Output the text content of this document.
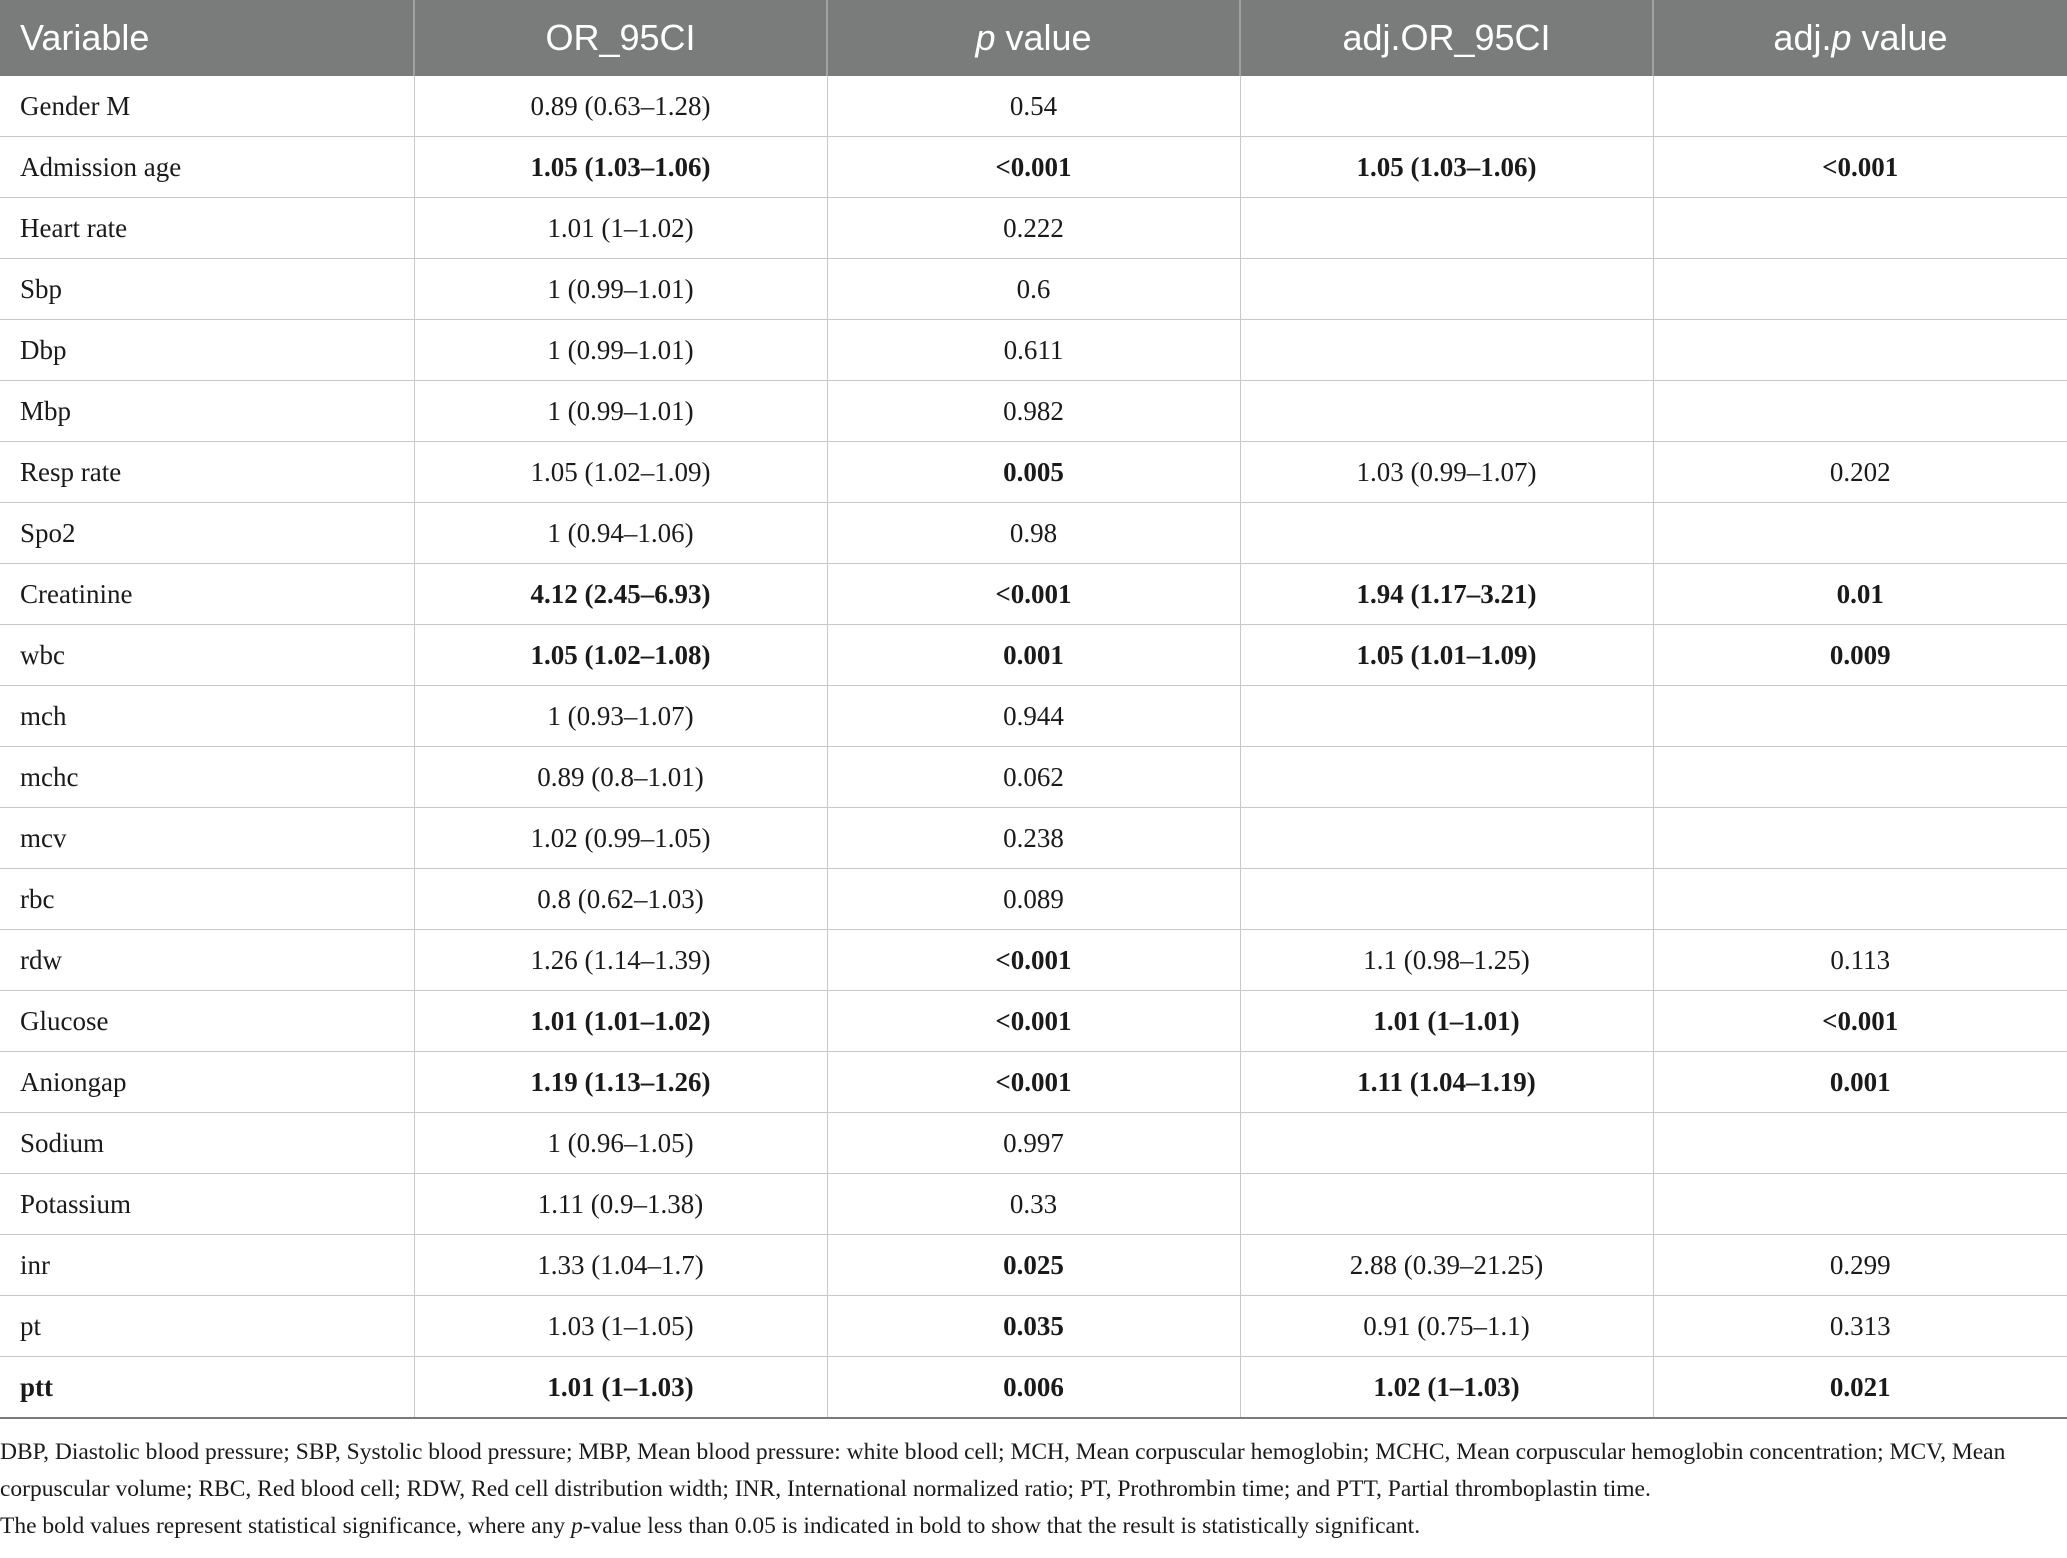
Variable	OR_95CI	p value	adj.OR_95CI	adj.p value
Gender M	0.89 (0.63–1.28)	0.54		
Admission age	1.05 (1.03–1.06)	<0.001	1.05 (1.03–1.06)	<0.001
Heart rate	1.01 (1–1.02)	0.222		
Sbp	1 (0.99–1.01)	0.6		
Dbp	1 (0.99–1.01)	0.611		
Mbp	1 (0.99–1.01)	0.982		
Resp rate	1.05 (1.02–1.09)	0.005	1.03 (0.99–1.07)	0.202
Spo2	1 (0.94–1.06)	0.98		
Creatinine	4.12 (2.45–6.93)	<0.001	1.94 (1.17–3.21)	0.01
wbc	1.05 (1.02–1.08)	0.001	1.05 (1.01–1.09)	0.009
mch	1 (0.93–1.07)	0.944		
mchc	0.89 (0.8–1.01)	0.062		
mcv	1.02 (0.99–1.05)	0.238		
rbc	0.8 (0.62–1.03)	0.089		
rdw	1.26 (1.14–1.39)	<0.001	1.1 (0.98–1.25)	0.113
Glucose	1.01 (1.01–1.02)	<0.001	1.01 (1–1.01)	<0.001
Aniongap	1.19 (1.13–1.26)	<0.001	1.11 (1.04–1.19)	0.001
Sodium	1 (0.96–1.05)	0.997		
Potassium	1.11 (0.9–1.38)	0.33		
inr	1.33 (1.04–1.7)	0.025	2.88 (0.39–21.25)	0.299
pt	1.03 (1–1.05)	0.035	0.91 (0.75–1.1)	0.313
ptt	1.01 (1–1.03)	0.006	1.02 (1–1.03)	0.021

DBP, Diastolic blood pressure; SBP, Systolic blood pressure; MBP, Mean blood pressure: white blood cell; MCH, Mean corpuscular hemoglobin; MCHC, Mean corpuscular hemoglobin concentration; MCV, Mean corpuscular volume; RBC, Red blood cell; RDW, Red cell distribution width; INR, International normalized ratio; PT, Prothrombin time; and PTT, Partial thromboplastin time.

The bold values represent statistical significance, where any p-value less than 0.05 is indicated in bold to show that the result is statistically significant.
